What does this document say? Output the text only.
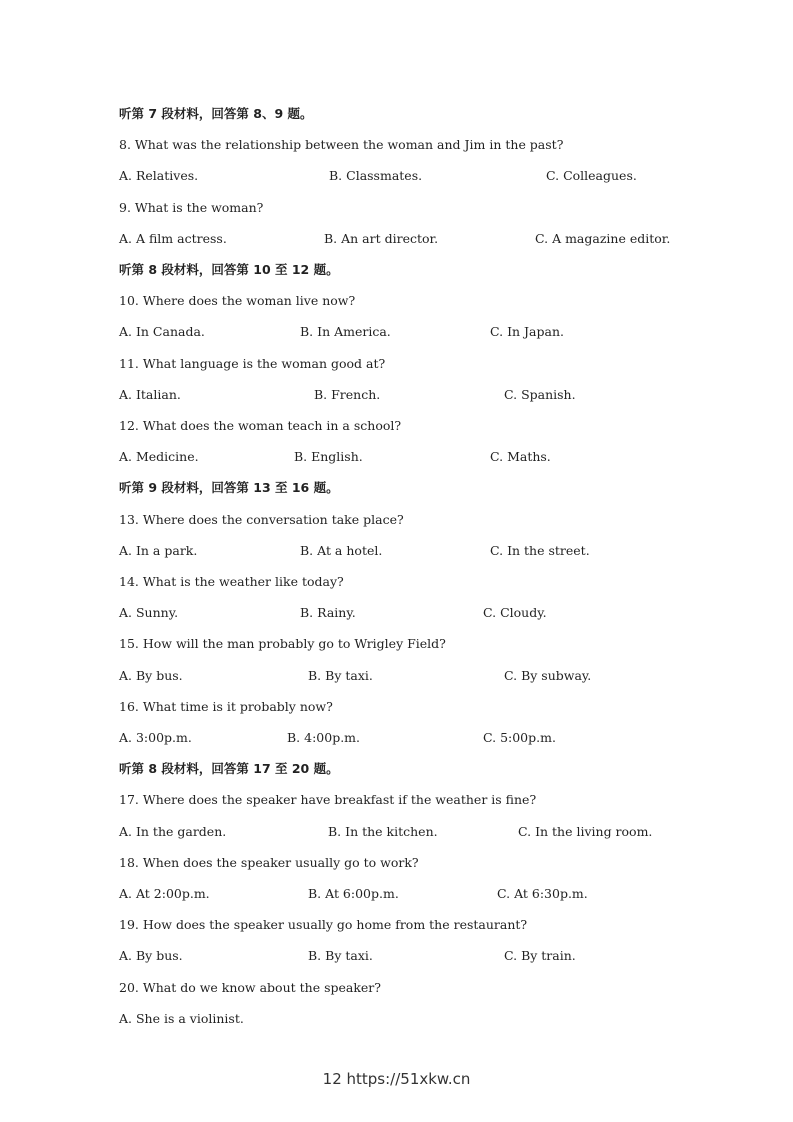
听第 7 段材料，回答第 8、9 题。
8. What was the relationship between the woman and Jim in the past?
A. Relatives.	B. Classmates.	C. Colleagues.
9. What is the woman?
A. A film actress.	B. An art director.	C. A magazine editor.
听第 8 段材料，回答第 10 至 12 题。
10. Where does the woman live now?
A. In Canada.	B. In America.	C. In Japan.
11. What language is the woman good at?
A. Italian.	B. French.	C. Spanish.
12. What does the woman teach in a school?
A. Medicine.	B. English.	C. Maths.
听第 9 段材料，回答第 13 至 16 题。
13. Where does the conversation take place?
A. In a park.	B. At a hotel.	C. In the street.
14. What is the weather like today?
A. Sunny.	B. Rainy.	C. Cloudy.
15. How will the man probably go to Wrigley Field?
A. By bus.	B. By taxi.	C. By subway.
16. What time is it probably now?
A. 3:00p.m.	B. 4:00p.m.	C. 5:00p.m.
听第 8 段材料，回答第 17 至 20 题。
17. Where does the speaker have breakfast if the weather is fine?
A. In the garden.	B. In the kitchen.	C. In the living room.
18. When does the speaker usually go to work?
A. At 2:00p.m.	B. At 6:00p.m.	C. At 6:30p.m.
19. How does the speaker usually go home from the restaurant?
A. By bus.	B. By taxi.	C. By train.
20. What do we know about the speaker?
A. She is a violinist.
12 https://51xkw.cn
